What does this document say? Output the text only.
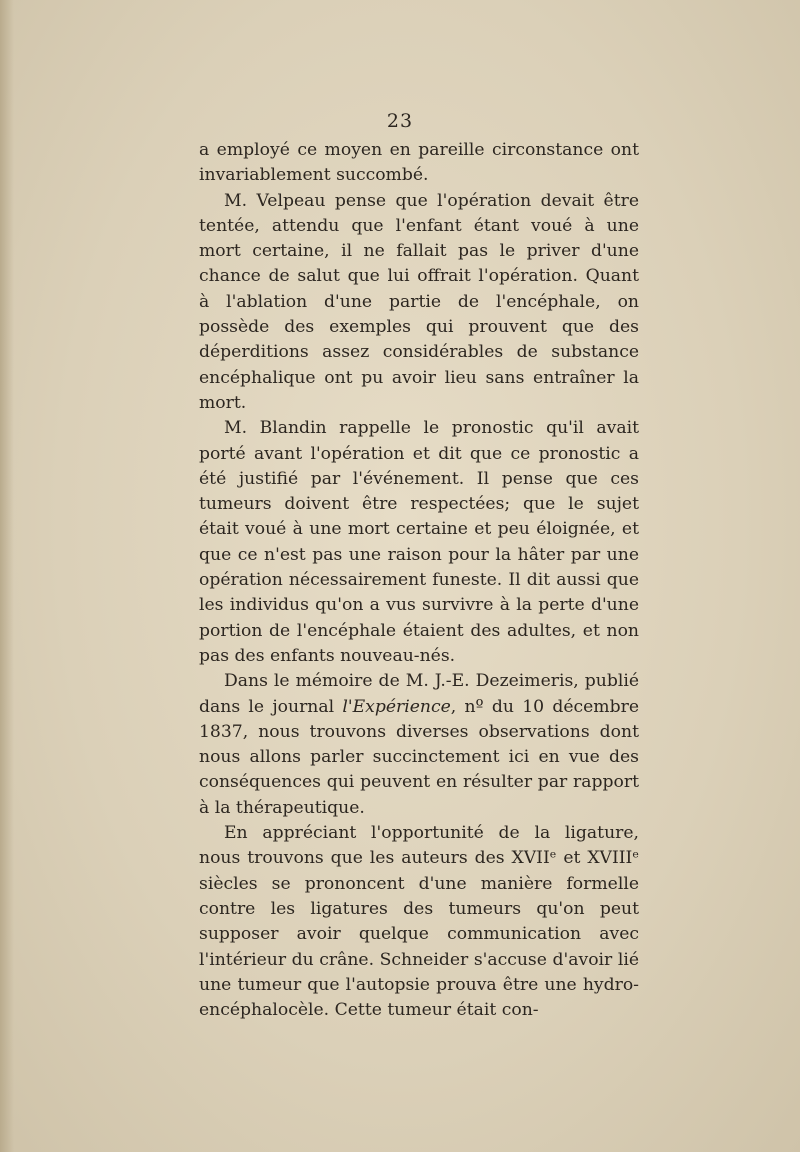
23

a employé ce moyen en pareille circonstance ont invariablement succombé.

M. Velpeau pense que l'opération devait être tentée, attendu que l'enfant étant voué à une mort certaine, il ne fallait pas le priver d'une chance de salut que lui offrait l'opération. Quant à l'ablation d'une partie de l'encéphale, on possède des exemples qui prouvent que des déperditions assez considérables de substance encéphalique ont pu avoir lieu sans entraîner la mort.

M. Blandin rappelle le pronostic qu'il avait porté avant l'opération et dit que ce pronostic a été justifié par l'événement. Il pense que ces tumeurs doivent être respectées; que le sujet était voué à une mort certaine et peu éloignée, et que ce n'est pas une raison pour la hâter par une opération nécessairement funeste. Il dit aussi que les individus qu'on a vus survivre à la perte d'une portion de l'encéphale étaient des adultes, et non pas des enfants nouveau-nés.

Dans le mémoire de M. J.-E. Dezeimeris, publié dans le journal l'Expérience, nº du 10 décembre 1837, nous trouvons diverses observations dont nous allons parler succinctement ici en vue des conséquences qui peuvent en résulter par rapport à la thérapeutique.

En appréciant l'opportunité de la ligature, nous trouvons que les auteurs des XVIIᵉ et XVIIIᵉ siècles se prononcent d'une manière formelle contre les ligatures des tumeurs qu'on peut supposer avoir quelque communication avec l'intérieur du crâne. Schneider s'accuse d'avoir lié une tumeur que l'autopsie prouva être une hydro-encéphalocèle. Cette tumeur était con-
